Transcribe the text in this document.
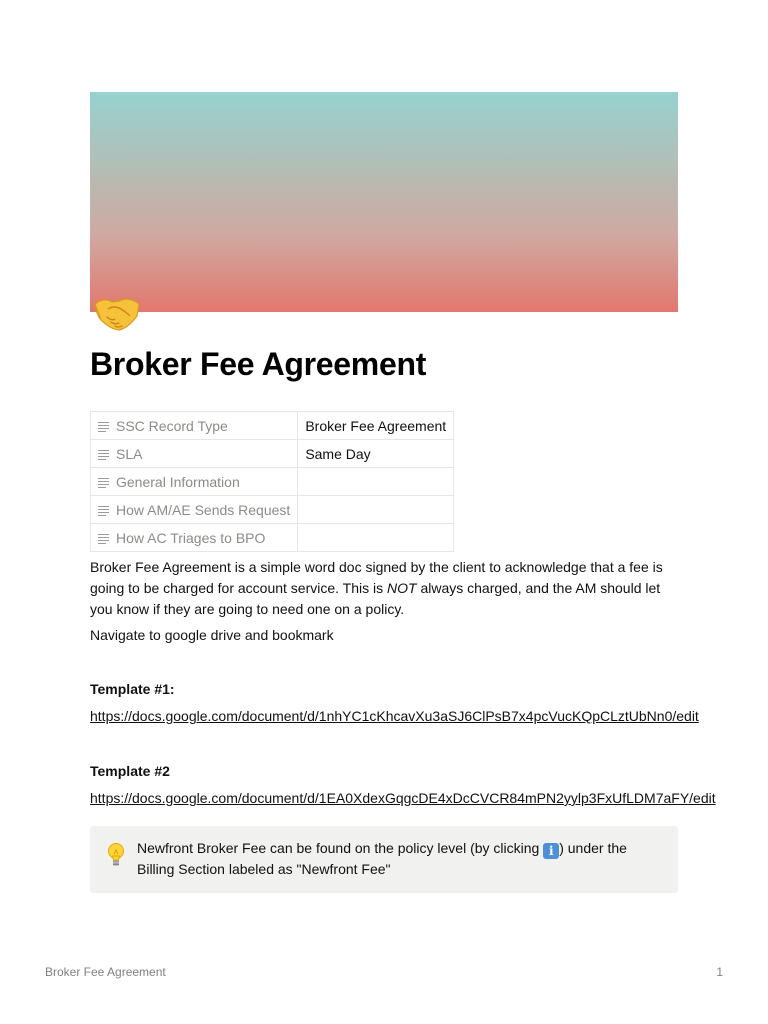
Broker Fee Agreement
SSC Record Type	Broker Fee Agreement

SLA	Same Day

General Information	

How AM/AE Sends Request	

How AC Triages to BPO	

Broker Fee Agreement is a simple word doc signed by the client to acknowledge that a fee is going to be charged for account service. This is NOT always charged, and the AM should let you know if they are going to need one on a policy.

Navigate to google drive and bookmark

Template #1:

https://docs.google.com/document/d/1nhYC1cKhcavXu3aSJ6ClPsB7x4pcVucKQpCLztUbNn0/edit

Template #2

https://docs.google.com/document/d/1EA0XdexGqgcDE4xDcCVCR84mPN2yylp3FxUfLDM7aFY/edit

Newfront Broker Fee can be found on the policy level (by clicking i ) under the Billing Section labeled as "Newfront Fee"

Broker Fee Agreement	1
